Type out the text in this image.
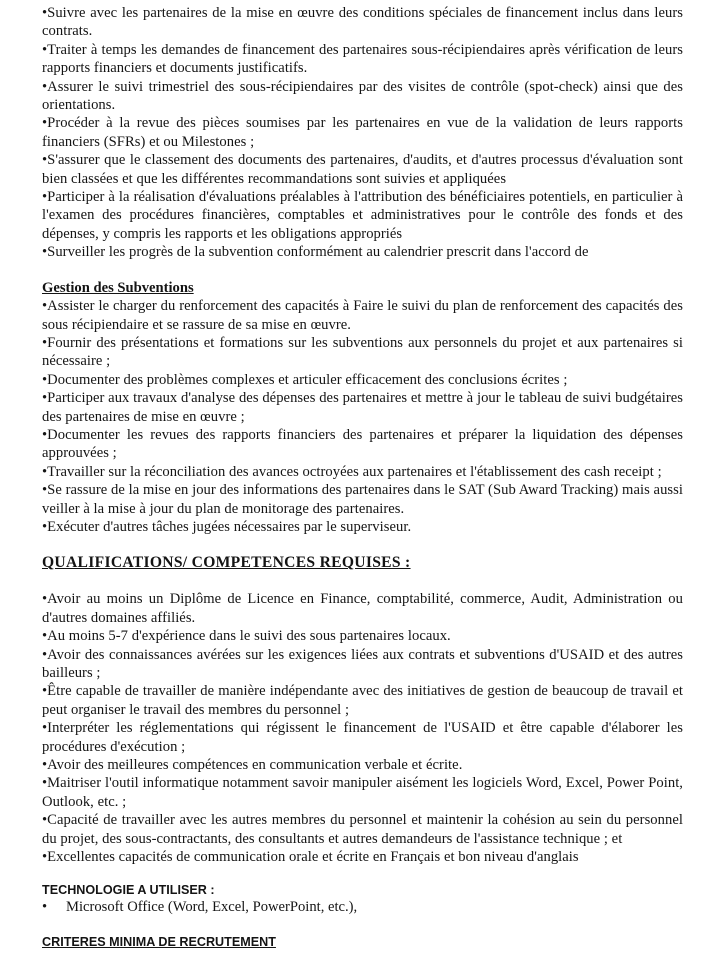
•Suivre avec les partenaires de la mise en œuvre des conditions spéciales de financement inclus dans leurs contrats.

•Traiter à temps les demandes de financement des partenaires sous-récipiendaires après vérification de leurs rapports financiers et documents justificatifs.

•Assurer le suivi trimestriel des sous-récipiendaires par des visites de contrôle (spot-check) ainsi que des orientations.

•Procéder à la revue des pièces soumises par les partenaires en vue de la validation de leurs rapports financiers (SFRs) et ou Milestones ;

•S'assurer que le classement des documents des partenaires, d'audits, et d'autres processus d'évaluation sont bien classées et que les différentes recommandations sont suivies et appliquées

•Participer à la réalisation d'évaluations préalables à l'attribution des bénéficiaires potentiels, en particulier à l'examen des procédures financières, comptables et administratives pour le contrôle des fonds et des dépenses, y compris les rapports et les obligations appropriés

•Surveiller les progrès de la subvention conformément au calendrier prescrit dans l'accord de

Gestion des Subventions

•Assister le charger du renforcement des capacités à Faire le suivi du plan de renforcement des capacités des sous récipiendaire et se rassure de sa mise en œuvre.

•Fournir des présentations et formations sur les subventions aux personnels du projet et aux partenaires si nécessaire ;

•Documenter des problèmes complexes et articuler efficacement des conclusions écrites ;

•Participer aux travaux d'analyse des dépenses des partenaires et mettre à jour le tableau de suivi budgétaires des partenaires de mise en œuvre ;

•Documenter les revues des rapports financiers des partenaires et préparer la liquidation des dépenses approuvées ;

•Travailler sur la réconciliation des avances octroyées aux partenaires et l'établissement des cash receipt ;

•Se rassure de la mise en jour des informations des partenaires dans le SAT (Sub Award Tracking) mais aussi veiller à la mise à jour du plan de monitorage des partenaires.

•Exécuter d'autres tâches jugées nécessaires par le superviseur.

QUALIFICATIONS/ COMPETENCES REQUISES :

•Avoir au moins un Diplôme de Licence en Finance, comptabilité, commerce, Audit, Administration ou d'autres domaines affiliés.

•Au moins 5-7 d'expérience dans le suivi des sous partenaires locaux.

•Avoir des connaissances avérées sur les exigences liées aux contrats et subventions d'USAID et des autres bailleurs ;

•Être capable de travailler de manière indépendante avec des initiatives de gestion de beaucoup de travail et peut organiser le travail des membres du personnel ;

•Interpréter les réglementations qui régissent le financement de l'USAID et être capable d'élaborer les procédures d'exécution ;

•Avoir des meilleures compétences en communication verbale et écrite.

•Maitriser l'outil informatique notamment savoir manipuler aisément les logiciels Word, Excel, Power Point, Outlook, etc. ;

•Capacité de travailler avec les autres membres du personnel et maintenir la cohésion au sein du personnel du projet, des sous-contractants, des consultants et autres demandeurs de l'assistance technique ; et

•Excellentes capacités de communication orale et écrite en Français et bon niveau d'anglais

TECHNOLOGIE A UTILISER :
• Microsoft Office (Word, Excel, PowerPoint, etc.),
CRITERES MINIMA DE RECRUTEMENT
